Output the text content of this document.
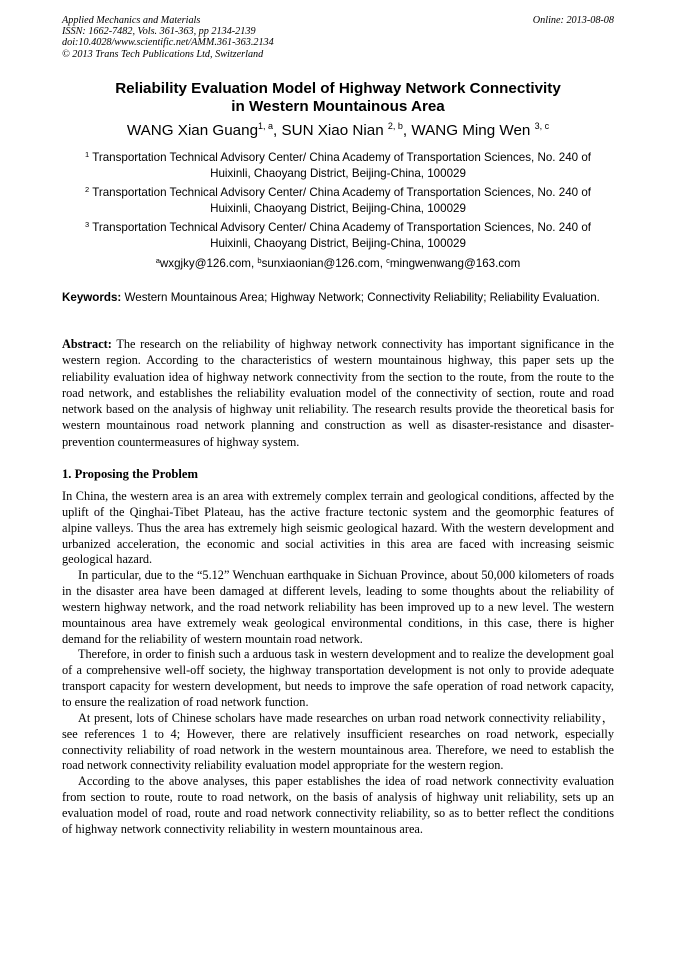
Applied Mechanics and Materials
ISSN: 1662-7482, Vols. 361-363, pp 2134-2139
doi:10.4028/www.scientific.net/AMM.361-363.2134
© 2013 Trans Tech Publications Ltd, Switzerland
Online: 2013-08-08
Reliability Evaluation Model of Highway Network Connectivity
in Western Mountainous Area
WANG Xian Guang$^{1, a}$, SUN Xiao Nian $^{2, b}$, WANG Ming Wen $^{3, c}$
$^1$ Transportation Technical Advisory Center/ China Academy of Transportation Sciences, No. 240 of
Huixinli, Chaoyang District, Beijing-China, 100029
$^2$ Transportation Technical Advisory Center/ China Academy of Transportation Sciences, No. 240 of
Huixinli, Chaoyang District, Beijing-China, 100029
$^3$ Transportation Technical Advisory Center/ China Academy of Transportation Sciences, No. 240 of
Huixinli, Chaoyang District, Beijing-China, 100029
$^a$wxgjky@126.com, $^b$sunxiaonian@126.com, $^c$mingwenwang@163.com
Keywords: Western Mountainous Area; Highway Network; Connectivity Reliability; Reliability Evaluation.
Abstract: The research on the reliability of highway network connectivity has important significance in the western region. According to the characteristics of western mountainous highway, this paper sets up the reliability evaluation idea of highway network connectivity from the section to the route, from the route to the road network, and establishes the reliability evaluation model of the connectivity of section, route and road network based on the analysis of highway unit reliability. The research results provide the theoretical basis for western mountainous road network planning and construction as well as disaster-resistance and disaster-prevention countermeasures of highway system.
1. Proposing the Problem

In China, the western area is an area with extremely complex terrain and geological conditions, affected by the uplift of the Qinghai-Tibet Plateau, has the active fracture tectonic system and the geomorphic features of alpine valleys. Thus the area has extremely high seismic geological hazard. With the western development and urbanized acceleration, the economic and social activities in this area are faced with increasing seismic geological hazard.

In particular, due to the “5.12” Wenchuan earthquake in Sichuan Province, about 50,000 kilometers of roads in the disaster area have been damaged at different levels, leading to some thoughts about the reliability of western highway network, and the road network reliability has been improved up to a new level. The western mountainous area have extremely weak geological environmental conditions, in this case, there is higher demand for the reliability of western mountain road network.

Therefore, in order to finish such a arduous task in western development and to realize the development goal of a comprehensive well-off society, the highway transportation development is not only to provide adequate transport capacity for western development, but needs to improve the safe operation of road network capacity, to ensure the realization of road network function.

At present, lots of Chinese scholars have made researches on urban road network connectivity reliability，see references 1 to 4; However, there are relatively insufficient researches on road network, especially connectivity reliability of road network in the western mountainous area. Therefore, we need to establish the road network connectivity reliability evaluation model appropriate for the western region.

According to the above analyses, this paper establishes the idea of road network connectivity evaluation from section to route, route to road network, on the basis of analysis of highway unit reliability, sets up an evaluation model of road, route and road network connectivity reliability, so as to better reflect the conditions of highway network connectivity reliability in western mountainous area.
